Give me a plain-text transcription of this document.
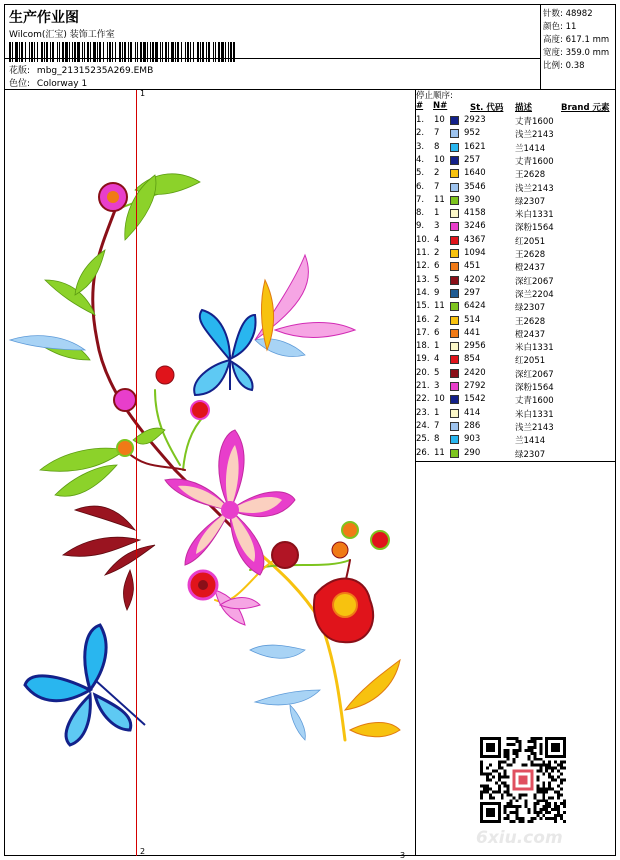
生产作业图
Wilcom(汇宝) 装饰工作室
花版: mbg_21315235A269.EMB
色位: Colorway 1
针数: 48982
颜色: 11
高度: 617.1 mm
宽度: 359.0 mm
比例: 0.38
1
2	3
停止顺序:
# N#	St. 代码 描述	Brand 元素
1. 10 2923	丈青1600
2. 7	952	浅兰2143
3. 8	1621	兰1414
4. 10 257	丈青1600
5. 2	1640	王2628
6. 7	3546	浅兰2143
7. 11 390	绿2307
8. 1	4158	米白1331
9. 3	3246	深粉1564
10. 4	4367	红2051
11. 2	1094	王2628
12. 6	451	橙2437
13. 5	4202	深红2067
14. 9	297	深兰2204
15. 11 6424	绿2307
16. 2	514	王2628
17. 6	441	橙2437
18. 1	2956	米白1331
19. 4	854	红2051
20. 5	2420	深红2067
21. 3	2792	深粉1564
22. 10 1542	丈青1600
23. 1	414	米白1331
24. 7	286	浅兰2143
25. 8	903	兰1414
26. 11 290	绿2307
6xiu.com
